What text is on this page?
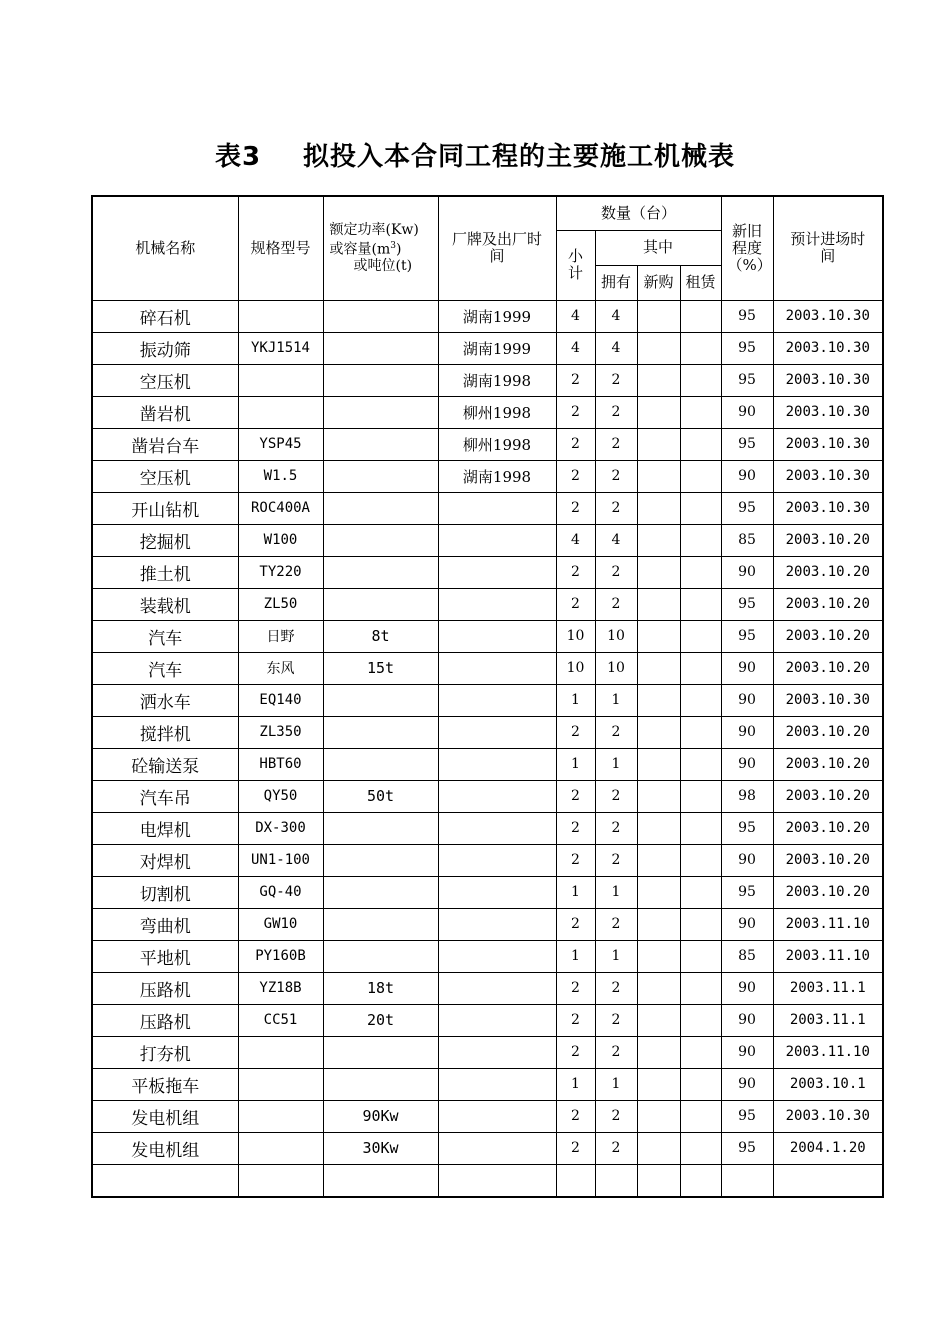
表3 拟投入本合同工程的主要施工机械表
机械名称	规格型号	额定功率(Kw)
或容量$(m^3)$
或吨位(t)	厂牌及出厂时间	数量（台）				新旧程度（%）	预计进场时间
				小计	其中				
					拥有	新购	租赁		
碎石机			湖南1999	4	4			95	2003.10.30
振动筛	YKJ1514		湖南1999	4	4			95	2003.10.30
空压机			湖南1998	2	2			95	2003.10.30
凿岩机			柳州1998	2	2			90	2003.10.30
凿岩台车	YSP45		柳州1998	2	2			95	2003.10.30
空压机	W1.5		湖南1998	2	2			90	2003.10.30
开山钻机	ROC400A			2	2			95	2003.10.30
挖掘机	W100			4	4			85	2003.10.20
推土机	TY220			2	2			90	2003.10.20
装载机	ZL50			2	2			95	2003.10.20
汽车	日野	8t		10	10			95	2003.10.20
汽车	东风	15t		10	10			90	2003.10.20
洒水车	EQ140			1	1			90	2003.10.30
搅拌机	ZL350			2	2			90	2003.10.20
砼输送泵	HBT60			1	1			90	2003.10.20
汽车吊	QY50	50t		2	2			98	2003.10.20
电焊机	DX-300			2	2			95	2003.10.20
对焊机	UN1-100			2	2			90	2003.10.20
切割机	GQ-40			1	1			95	2003.10.20
弯曲机	GW10			2	2			90	2003.11.10
平地机	PY160B			1	1			85	2003.11.10
压路机	YZ18B	18t		2	2			90	2003.11.1
压路机	CC51	20t		2	2			90	2003.11.1
打夯机				2	2			90	2003.11.10
平板拖车				1	1			90	2003.10.1
发电机组		90Kw		2	2			95	2003.10.30
发电机组		30Kw		2	2			95	2004.1.20
